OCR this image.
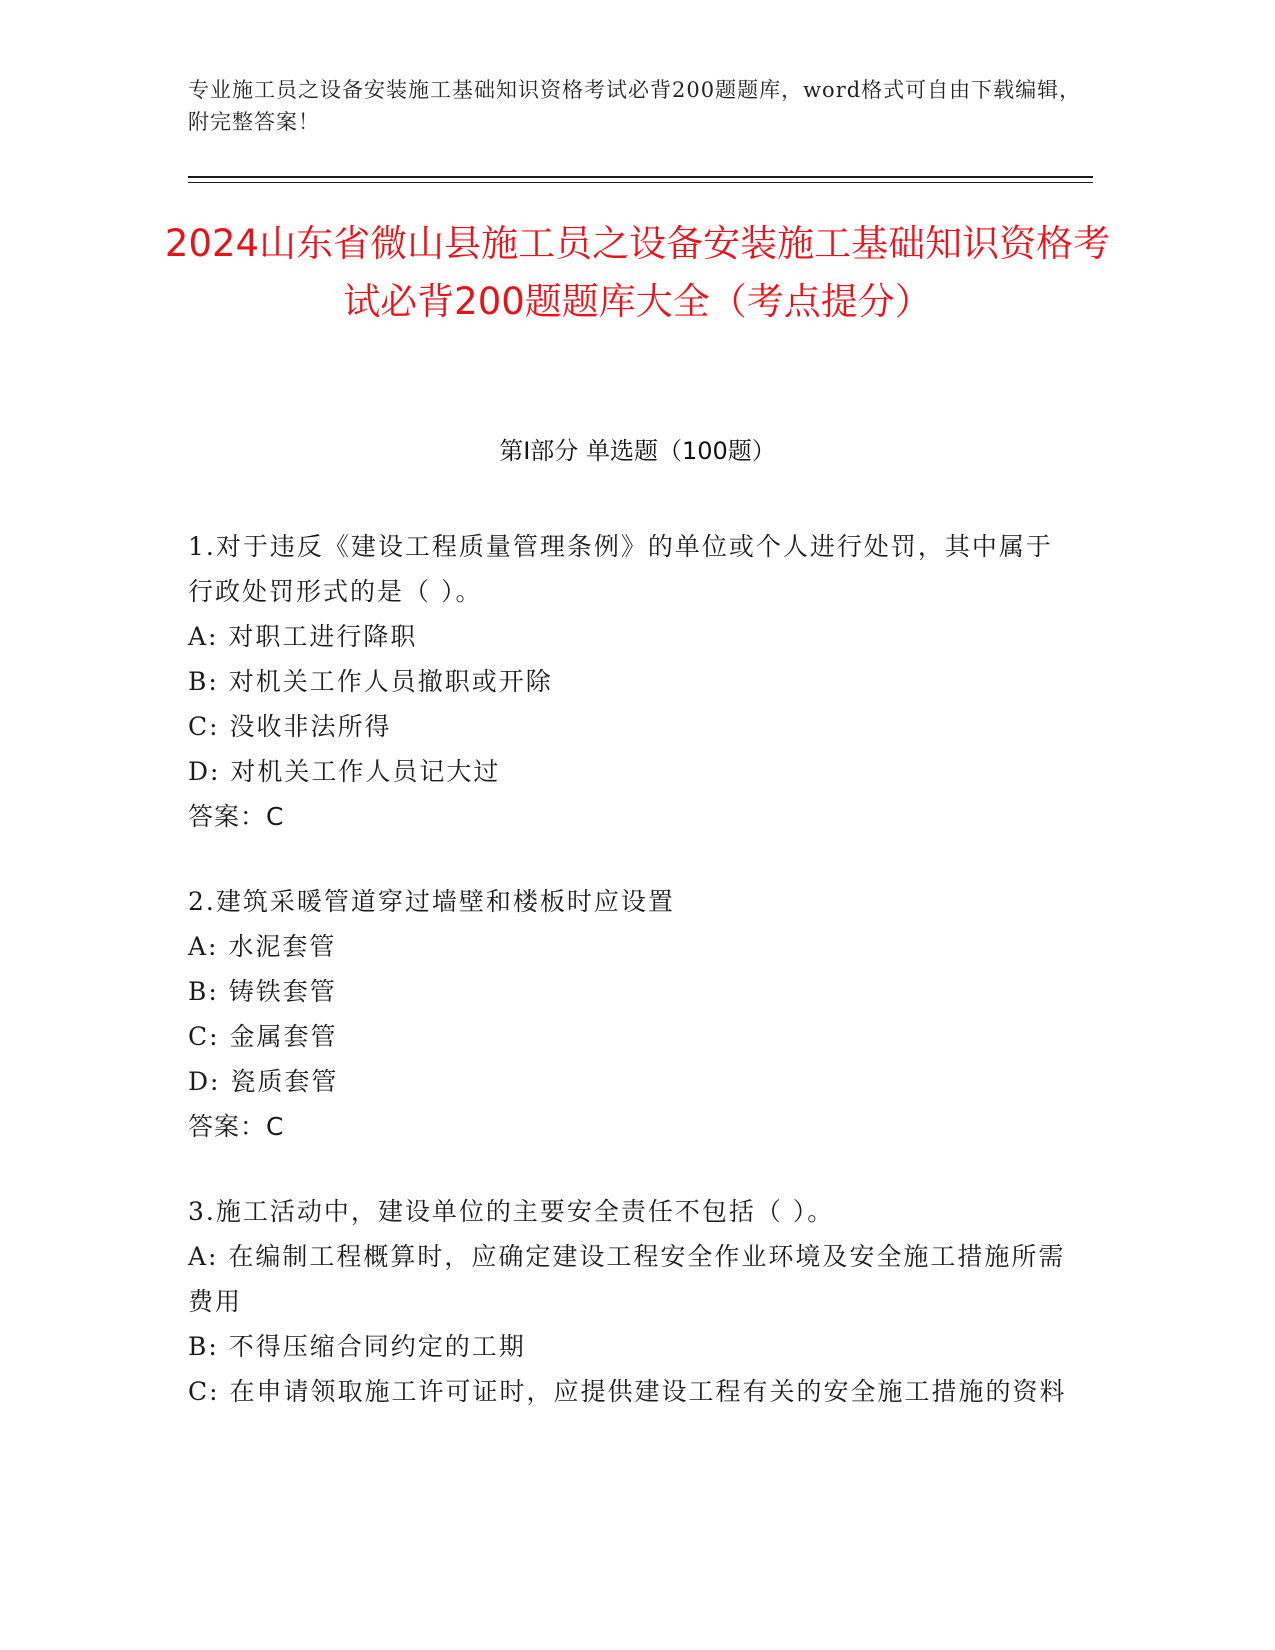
专业施工员之设备安装施工基础知识资格考试必背200题题库，word格式可自由下载编辑，附完整答案！
2024山东省微山县施工员之设备安装施工基础知识资格考试必背200题题库大全（考点提分）
第Ⅰ部分 单选题（100题）

1.对于违反《建设工程质量管理条例》的单位或个人进行处罚，其中属于行政处罚形式的是（ ）。

A: 对职工进行降职

B: 对机关工作人员撤职或开除

C: 没收非法所得

D: 对机关工作人员记大过

答案：C

2.建筑采暖管道穿过墙壁和楼板时应设置

A: 水泥套管

B: 铸铁套管

C: 金属套管

D: 瓷质套管

答案：C

3.施工活动中，建设单位的主要安全责任不包括（ ）。

A: 在编制工程概算时，应确定建设工程安全作业环境及安全施工措施所需费用

B: 不得压缩合同约定的工期

C: 在申请领取施工许可证时，应提供建设工程有关的安全施工措施的资料
